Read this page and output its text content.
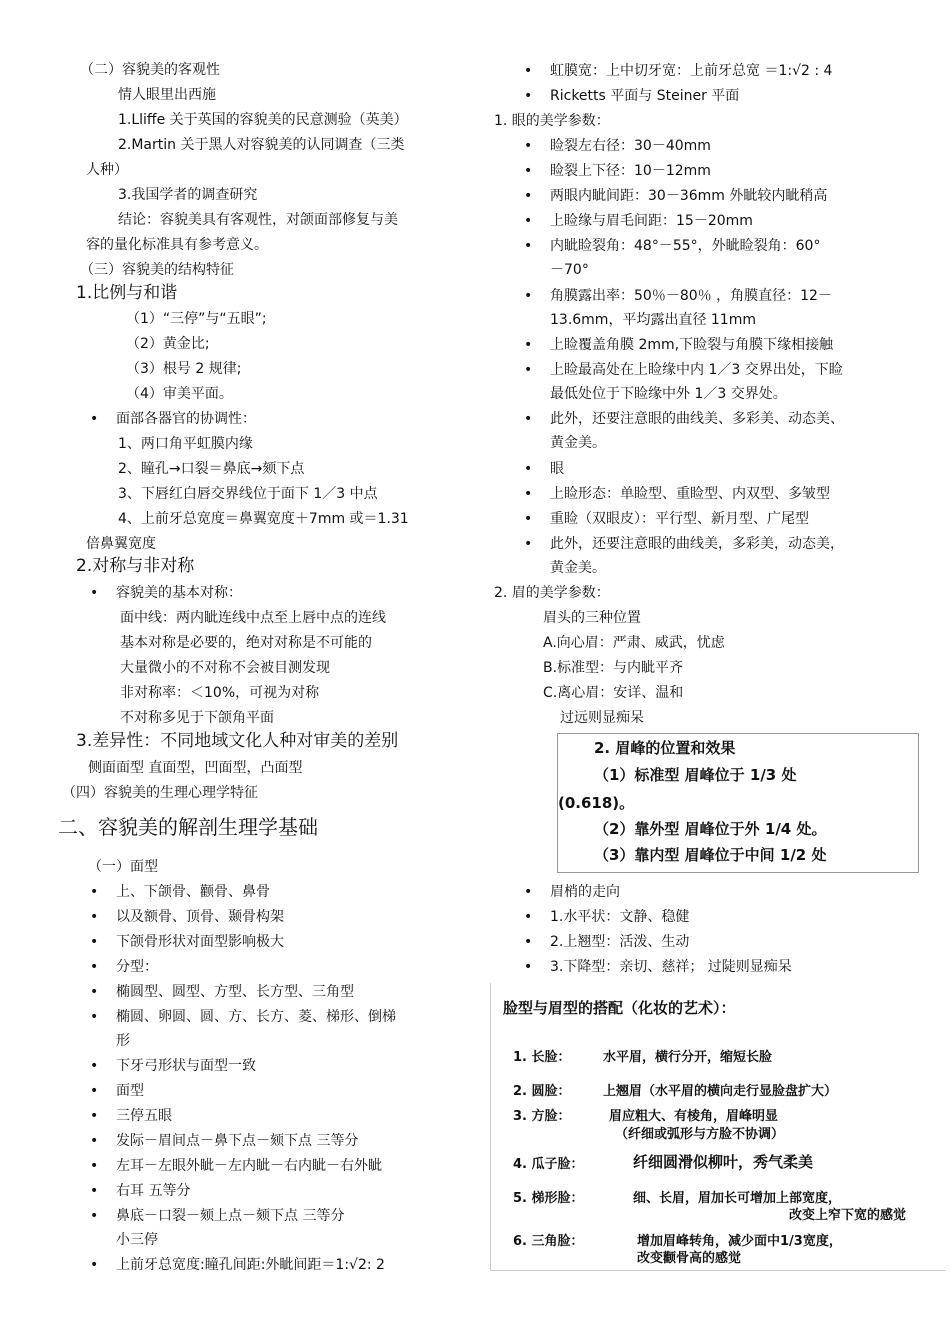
（二）容貌美的客观性
情人眼里出西施
1.Lliffe 关于英国的容貌美的民意测验（英美）
2.Martin 关于黑人对容貌美的认同调查（三类
人种）
3.我国学者的调查研究
结论：容貌美具有客观性，对颌面部修复与美
容的量化标准具有参考意义。
（三）容貌美的结构特征
1.比例与和谐
（1）“三停”与“五眼”;
（2）黄金比;
（3）根号 2 规律;
（4）审美平面。
• 面部各器官的协调性：
1、两口角平虹膜内缘
2、瞳孔→口裂＝鼻底→颏下点
3、下唇红白唇交界线位于面下 1／3 中点
4、上前牙总宽度＝鼻翼宽度＋7mm 或＝1.31
倍鼻翼宽度
2.对称与非对称
• 容貌美的基本对称：
面中线：两内眦连线中点至上唇中点的连线
基本对称是必要的，绝对对称是不可能的
大量微小的不对称不会被目测发现
非对称率：＜10%，可视为对称
不对称多见于下颌角平面
3.差异性：不同地域文化人种对审美的差别
侧面面型 直面型，凹面型，凸面型
（四）容貌美的生理心理学特征
二、容貌美的解剖生理学基础
（一）面型
• 上、下颌骨、颧骨、鼻骨
• 以及额骨、顶骨、颞骨构架
• 下颌骨形状对面型影响极大
• 分型：
• 椭圆型、圆型、方型、长方型、三角型
• 椭圆、卵圆、圆、方、长方、菱、梯形、倒梯
形
• 下牙弓形状与面型一致
• 面型
• 三停五眼
• 发际－眉间点－鼻下点－颏下点 三等分
• 左耳－左眼外眦－左内眦－右内眦－右外眦
• 右耳 五等分
• 鼻底－口裂－颏上点－颏下点 三等分
小三停
• 上前牙总宽度:瞳孔间距:外眦间距＝1:√2: 2
• 虹膜宽：上中切牙宽：上前牙总宽 ＝1:√2 : 4
• Ricketts 平面与 Steiner 平面
1. 眼的美学参数：
• 睑裂左右径：30－40mm
• 睑裂上下径：10－12mm
• 两眼内眦间距：30－36mm 外眦较内眦稍高
• 上睑缘与眉毛间距：15－20mm
• 内眦睑裂角：48°－55°，外眦睑裂角：60°
－70°
• 角膜露出率：50％－80％ ，角膜直径：12－
13.6mm，平均露出直径 11mm
• 上睑覆盖角膜 2mm,下睑裂与角膜下缘相接触
• 上睑最高处在上睑缘中内 1／3 交界出处，下睑
最低处位于下睑缘中外 1／3 交界处。
• 此外，还要注意眼的曲线美、多彩美、动态美、
黄金美。
• 眼
• 上睑形态：单睑型、重睑型、内双型、多皱型
• 重睑（双眼皮）：平行型、新月型、广尾型
• 此外，还要注意眼的曲线美，多彩美，动态美，
黄金美。
2. 眉的美学参数：
眉头的三种位置
A.向心眉：严肃、威武，忧虑
B.标准型：与内眦平齐
C.离心眉：安详、温和
过远则显痴呆
2. 眉峰的位置和效果
（1）标准型 眉峰位于 1/3 处
(0.618)。
（2）靠外型 眉峰位于外 1/4 处。
（3）靠内型 眉峰位于中间 1/2 处
• 眉梢的走向
• 1.水平状：文静、稳健
• 2.上翘型：活泼、生动
• 3.下降型：亲切、慈祥； 过陡则显痴呆
脸型与眉型的搭配（化妆的艺术）：
1. 长脸： 水平眉，横行分开，缩短长脸
2. 圆脸： 上翘眉（水平眉的横向走行显脸盘扩大）
3. 方脸：	眉应粗大、有棱角，眉峰明显
（纤细或弧形与方脸不协调）
4. 瓜子脸：	纤细圆滑似柳叶，秀气柔美
5. 梯形脸：	细、长眉，眉加长可增加上部宽度，
改变上窄下宽的感觉
6. 三角脸：	增加眉峰转角，减少面中1/3宽度，
改变颧骨高的感觉
